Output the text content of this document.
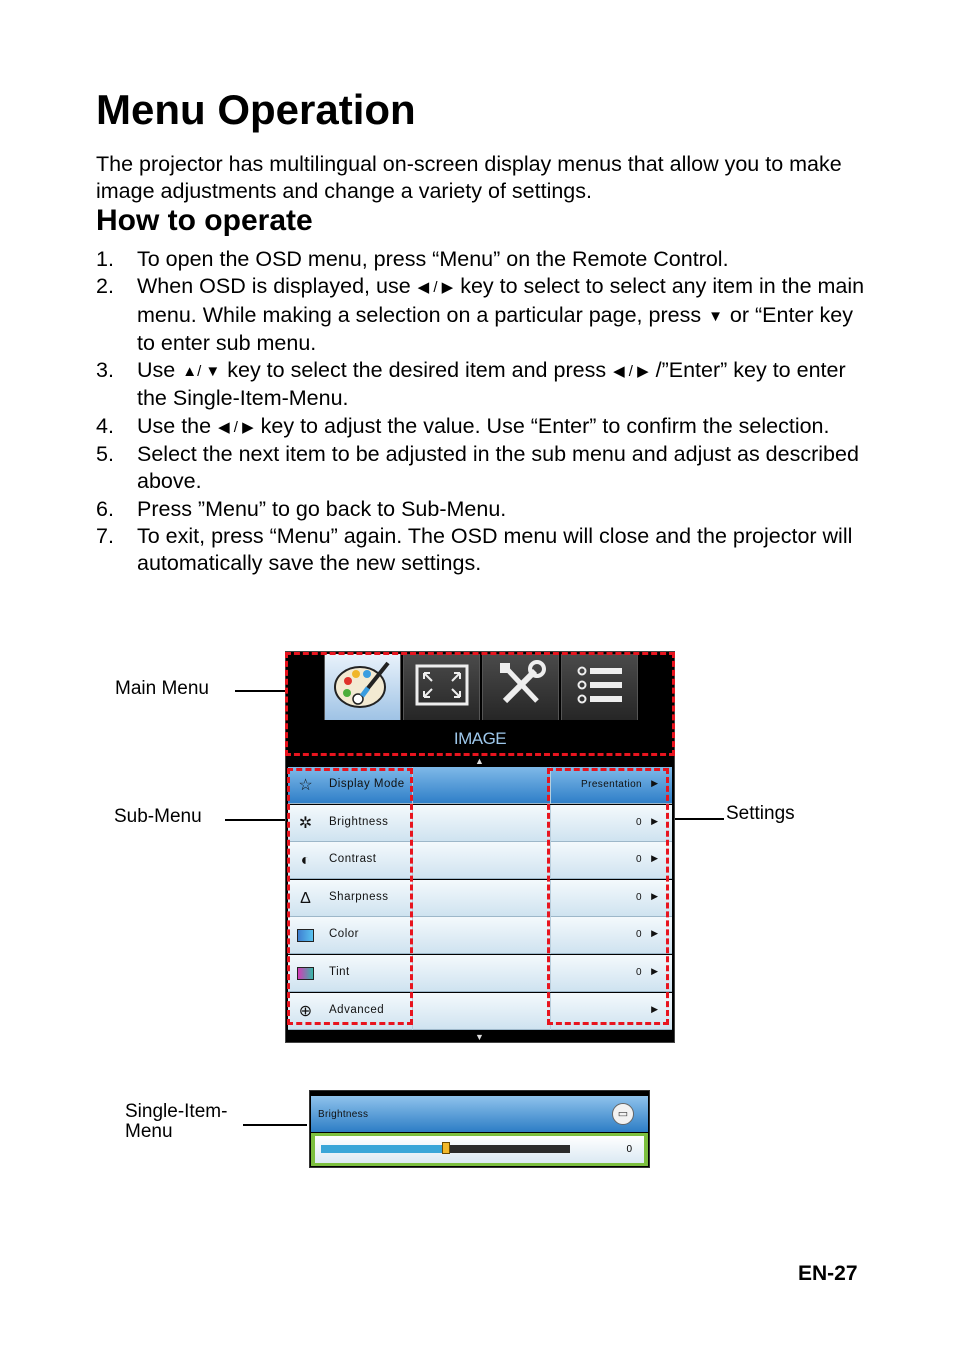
Menu Operation
The projector has multilingual on-screen display menus that allow you to make image adjustments and change a variety of settings.
How to operate
1. To open the OSD menu, press “Menu” on the Remote Control.
2. When OSD is displayed, use ◀ / ▶ key to select to select any item in the main menu. While making a selection on a particular page, press ▼ or “Enter key to enter sub menu.
3. Use ▲/ ▼ key to select the desired item and press ◀ / ▶ /”Enter” key to enter the Single-Item-Menu.
4. Use the ◀ / ▶ key to adjust the value. Use “Enter” to confirm the selection.
5. Select the next item to be adjusted in the sub menu and adjust as described above.
6. Press ”Menu” to go back to Sub-Menu.
7. To exit, press “Menu” again. The OSD menu will close and the projector will automatically save the new settings.
Main Menu
Sub-Menu	Settings
Single-Item-
Menu
IMAGE
▲
☆ Display Mode	Presentation ▶
✲ Brightness	0 ▶
◐	Contrast	0 ▶
Δ Sharpness	0 ▶
Color	0 ▶
Tint	0 ▶
⊕ Advanced	▶
▼
Brightness	▭
0
EN-27
